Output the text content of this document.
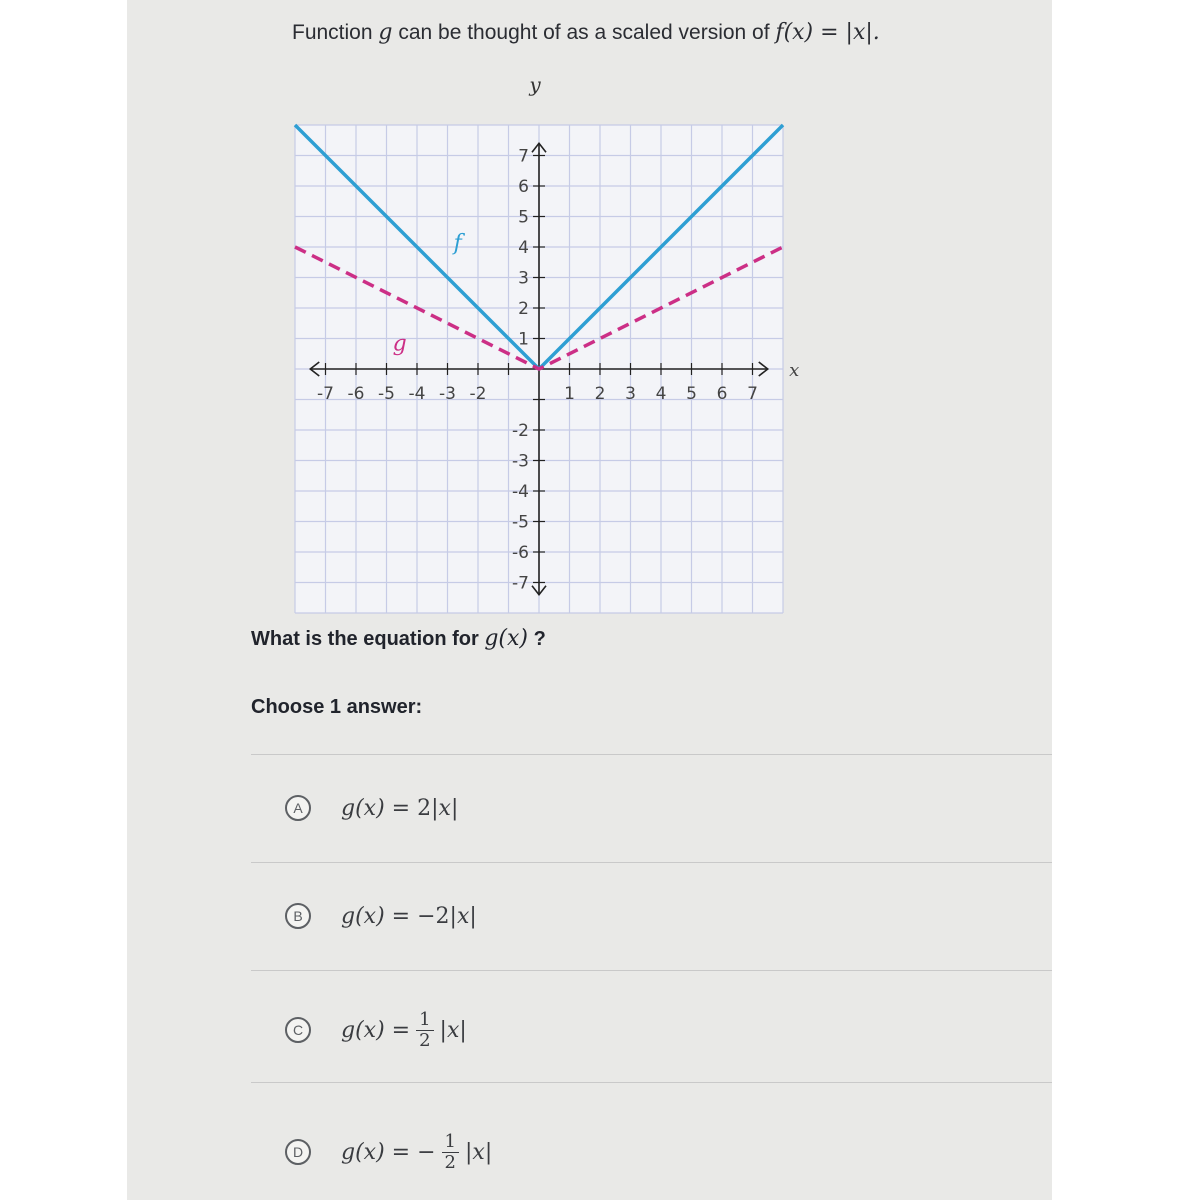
Function g can be thought of as a scaled version of f(x) = |x|.
-7 -6 -5 -4 -3 -2	1 2 3 4 5 6 7
7
6
5
4
3
2
1
-2
-3
-4
-5
-6
-7
x
y
f
g
What is the equation for g(x) ?
Choose 1 answer:
A	g(x) =
2 | x |
B	g(x) =
−2 | x |
C	$g(x) = \frac{1}{2}$ | x |
D	g(x) =
− $\frac{1}{2}$ | x |
